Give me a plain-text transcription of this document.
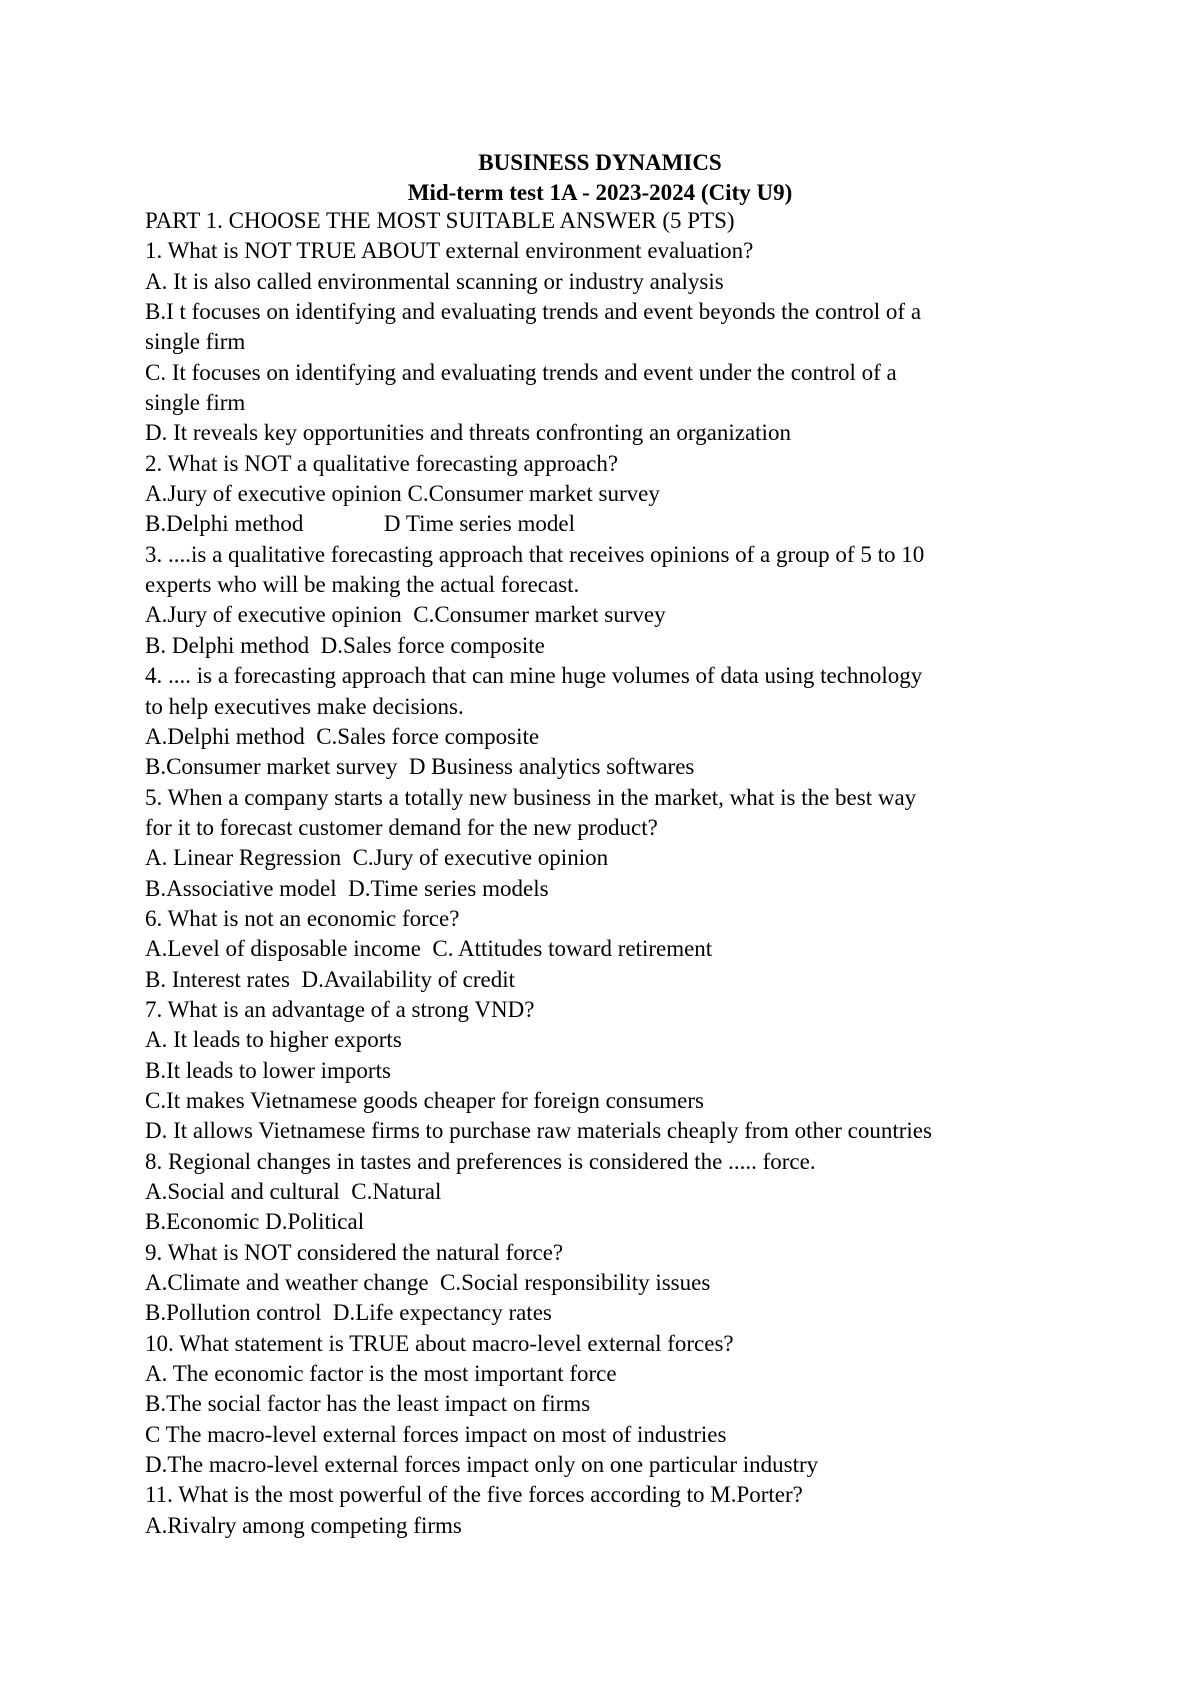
BUSINESS DYNAMICS
Mid-term test 1A - 2023-2024 (City U9)
PART 1. CHOOSE THE MOST SUITABLE ANSWER (5 PTS)
1. What is NOT TRUE ABOUT external environment evaluation?
A. It is also called environmental scanning or industry analysis
B.I t focuses on identifying and evaluating trends and event beyonds the control of a
single firm
C. It focuses on identifying and evaluating trends and event under the control of a
single firm
D. It reveals key opportunities and threats confronting an organization
2. What is NOT a qualitative forecasting approach?
A.Jury of executive opinion C.Consumer market survey
B.Delphi method              D Time series model
3. ....is a qualitative forecasting approach that receives opinions of a group of 5 to 10
experts who will be making the actual forecast.
A.Jury of executive opinion  C.Consumer market survey
B. Delphi method  D.Sales force composite
4. .... is a forecasting approach that can mine huge volumes of data using technology
to help executives make decisions.
A.Delphi method  C.Sales force composite
B.Consumer market survey  D Business analytics softwares
5. When a company starts a totally new business in the market, what is the best way
for it to forecast customer demand for the new product?
A. Linear Regression  C.Jury of executive opinion
B.Associative model  D.Time series models
6. What is not an economic force?
A.Level of disposable income  C. Attitudes toward retirement
B. Interest rates  D.Availability of credit
7. What is an advantage of a strong VND?
A. It leads to higher exports
B.It leads to lower imports
C.It makes Vietnamese goods cheaper for foreign consumers
D. It allows Vietnamese firms to purchase raw materials cheaply from other countries
8. Regional changes in tastes and preferences is considered the ..... force.
A.Social and cultural  C.Natural
B.Economic D.Political
9. What is NOT considered the natural force?
A.Climate and weather change  C.Social responsibility issues
B.Pollution control  D.Life expectancy rates
10. What statement is TRUE about macro-level external forces?
A. The economic factor is the most important force
B.The social factor has the least impact on firms
C The macro-level external forces impact on most of industries
D.The macro-level external forces impact only on one particular industry
11. What is the most powerful of the five forces according to M.Porter?
A.Rivalry among competing firms
